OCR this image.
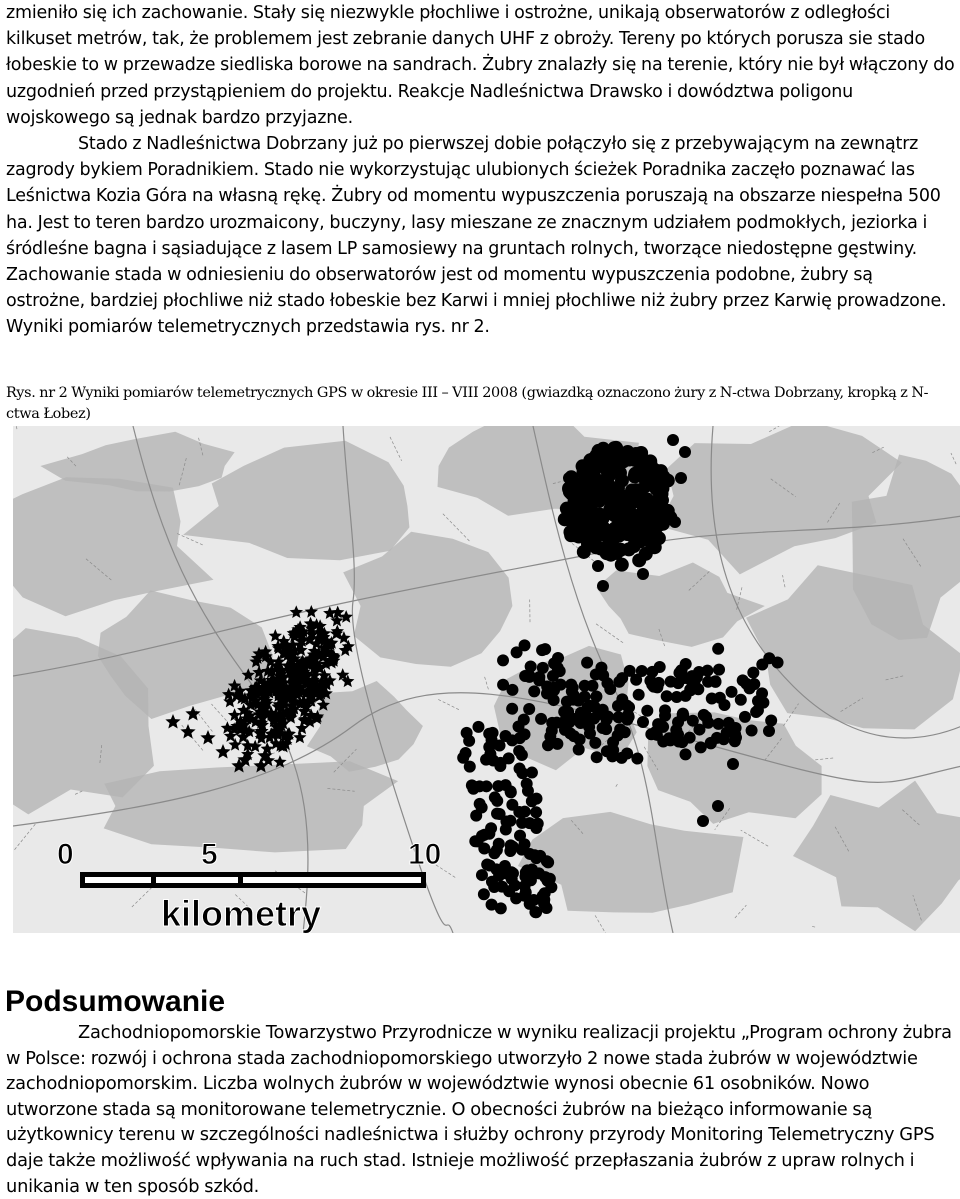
zmieniło się ich zachowanie. Stały się niezwykle płochliwe i ostrożne, unikają obserwatorów z odległości kilkuset metrów, tak, że problemem jest zebranie danych UHF z obroży. Tereny po których porusza sie stado łobeskie to w przewadze siedliska borowe na sandrach. Żubry znalazły się na terenie, który nie był włączony do uzgodnień przed przystąpieniem do projektu. Reakcje Nadleśnictwa Drawsko i dowództwa poligonu wojskowego są jednak bardzo przyjazne.

Stado z Nadleśnictwa Dobrzany już po pierwszej dobie połączyło się z przebywającym na zewnątrz zagrody bykiem Poradnikiem. Stado nie wykorzystując ulubionych ścieżek Poradnika zaczęło poznawać las Leśnictwa Kozia Góra na własną rękę. Żubry od momentu wypuszczenia poruszają na obszarze niespełna 500 ha. Jest to teren bardzo urozmaicony, buczyny, lasy mieszane ze znacznym udziałem podmokłych, jeziorka i śródleśne bagna i sąsiadujące z lasem LP samosiewy na gruntach rolnych, tworzące niedostępne gęstwiny. Zachowanie stada w odniesieniu do obserwatorów jest od momentu wypuszczenia podobne, żubry są ostrożne, bardziej płochliwe niż stado łobeskie bez Karwi i mniej płochliwe niż żubry przez Karwię prowadzone.

Wyniki pomiarów telemetrycznych przedstawia rys. nr 2.

Rys. nr 2 Wyniki pomiarów telemetrycznych GPS w okresie III – VIII 2008 (gwiazdką oznaczono żury z N-ctwa Dobrzany, kropką z N-ctwa Łobez)
0	5	10
kilometry
Podsumowanie

Zachodniopomorskie Towarzystwo Przyrodnicze w wyniku realizacji projektu „Program ochrony żubra w Polsce: rozwój i ochrona stada zachodniopomorskiego utworzyło 2 nowe stada żubrów w województwie zachodniopomorskim. Liczba wolnych żubrów w województwie wynosi obecnie 61 osobników. Nowo utworzone stada są monitorowane telemetrycznie. O obecności żubrów na bieżąco informowanie są użytkownicy terenu w szczególności nadleśnictwa i służby ochrony przyrody Monitoring Telemetryczny GPS daje także możliwość wpływania na ruch stad. Istnieje możliwość przepłaszania żubrów z upraw rolnych i unikania w ten sposób szkód.
